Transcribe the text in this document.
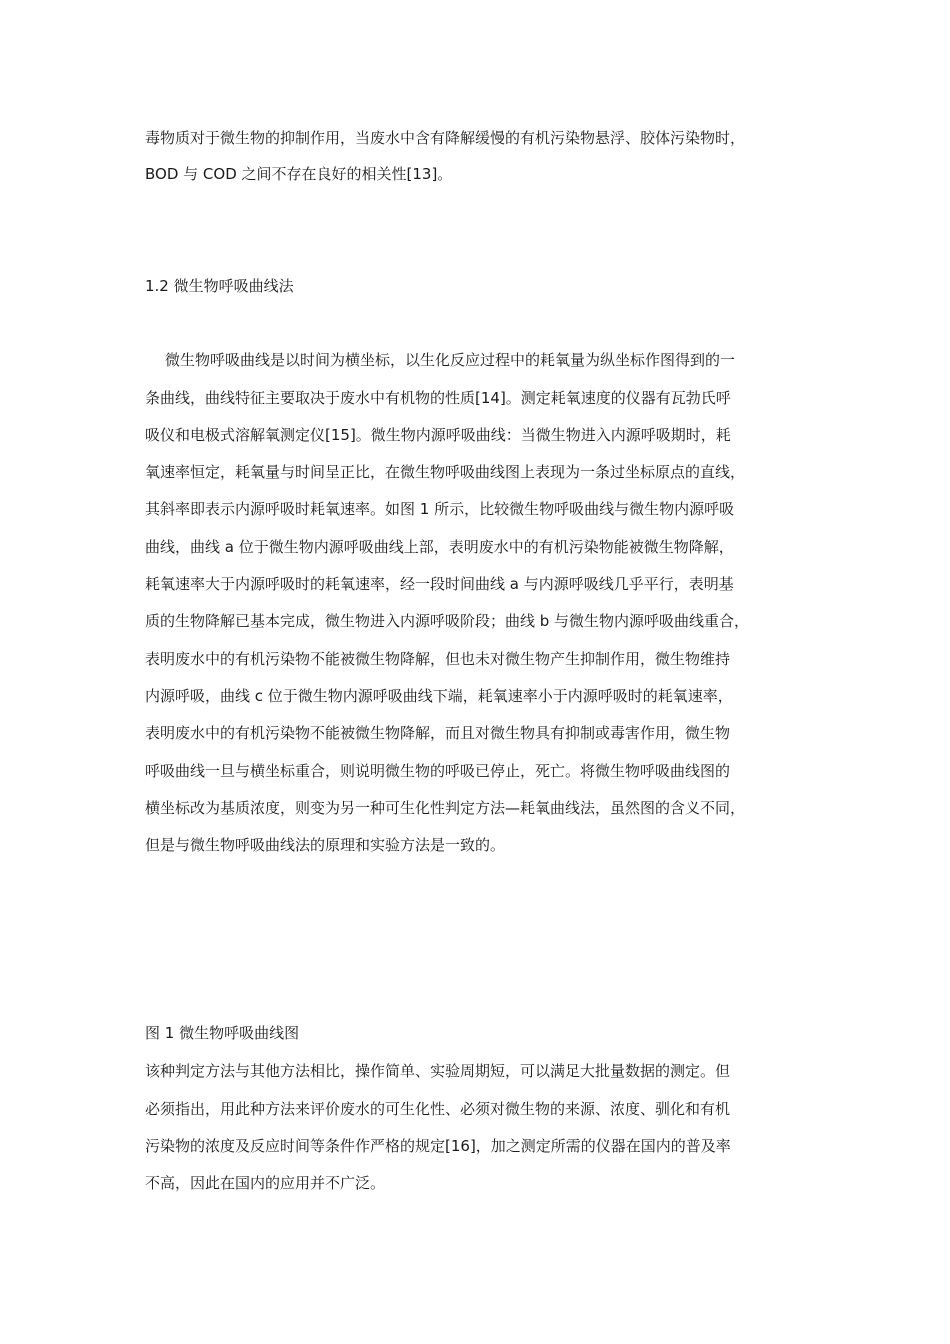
毒物质对于微生物的抑制作用，当废水中含有降解缓慢的有机污染物悬浮、胶体污染物时，

BOD 与 COD 之间不存在良好的相关性[13]。

1.2 微生物呼吸曲线法

微生物呼吸曲线是以时间为横坐标，以生化反应过程中的耗氧量为纵坐标作图得到的一

条曲线，曲线特征主要取决于废水中有机物的性质[14]。测定耗氧速度的仪器有瓦勃氏呼

吸仪和电极式溶解氧测定仪[15]。微生物内源呼吸曲线：当微生物进入内源呼吸期时，耗

氧速率恒定，耗氧量与时间呈正比，在微生物呼吸曲线图上表现为一条过坐标原点的直线，

其斜率即表示内源呼吸时耗氧速率。如图 1 所示，比较微生物呼吸曲线与微生物内源呼吸

曲线，曲线 a 位于微生物内源呼吸曲线上部，表明废水中的有机污染物能被微生物降解，

耗氧速率大于内源呼吸时的耗氧速率，经一段时间曲线 a 与内源呼吸线几乎平行，表明基

质的生物降解已基本完成，微生物进入内源呼吸阶段；曲线 b 与微生物内源呼吸曲线重合，

表明废水中的有机污染物不能被微生物降解，但也未对微生物产生抑制作用，微生物维持

内源呼吸，曲线 c 位于微生物内源呼吸曲线下端，耗氧速率小于内源呼吸时的耗氧速率，

表明废水中的有机污染物不能被微生物降解，而且对微生物具有抑制或毒害作用，微生物

呼吸曲线一旦与横坐标重合，则说明微生物的呼吸已停止，死亡。将微生物呼吸曲线图的

横坐标改为基质浓度，则变为另一种可生化性判定方法—耗氧曲线法，虽然图的含义不同，

但是与微生物呼吸曲线法的原理和实验方法是一致的。

图 1 微生物呼吸曲线图

该种判定方法与其他方法相比，操作简单、实验周期短，可以满足大批量数据的测定。但

必须指出，用此种方法来评价废水的可生化性、必须对微生物的来源、浓度、驯化和有机

污染物的浓度及反应时间等条件作严格的规定[16]，加之测定所需的仪器在国内的普及率

不高，因此在国内的应用并不广泛。
